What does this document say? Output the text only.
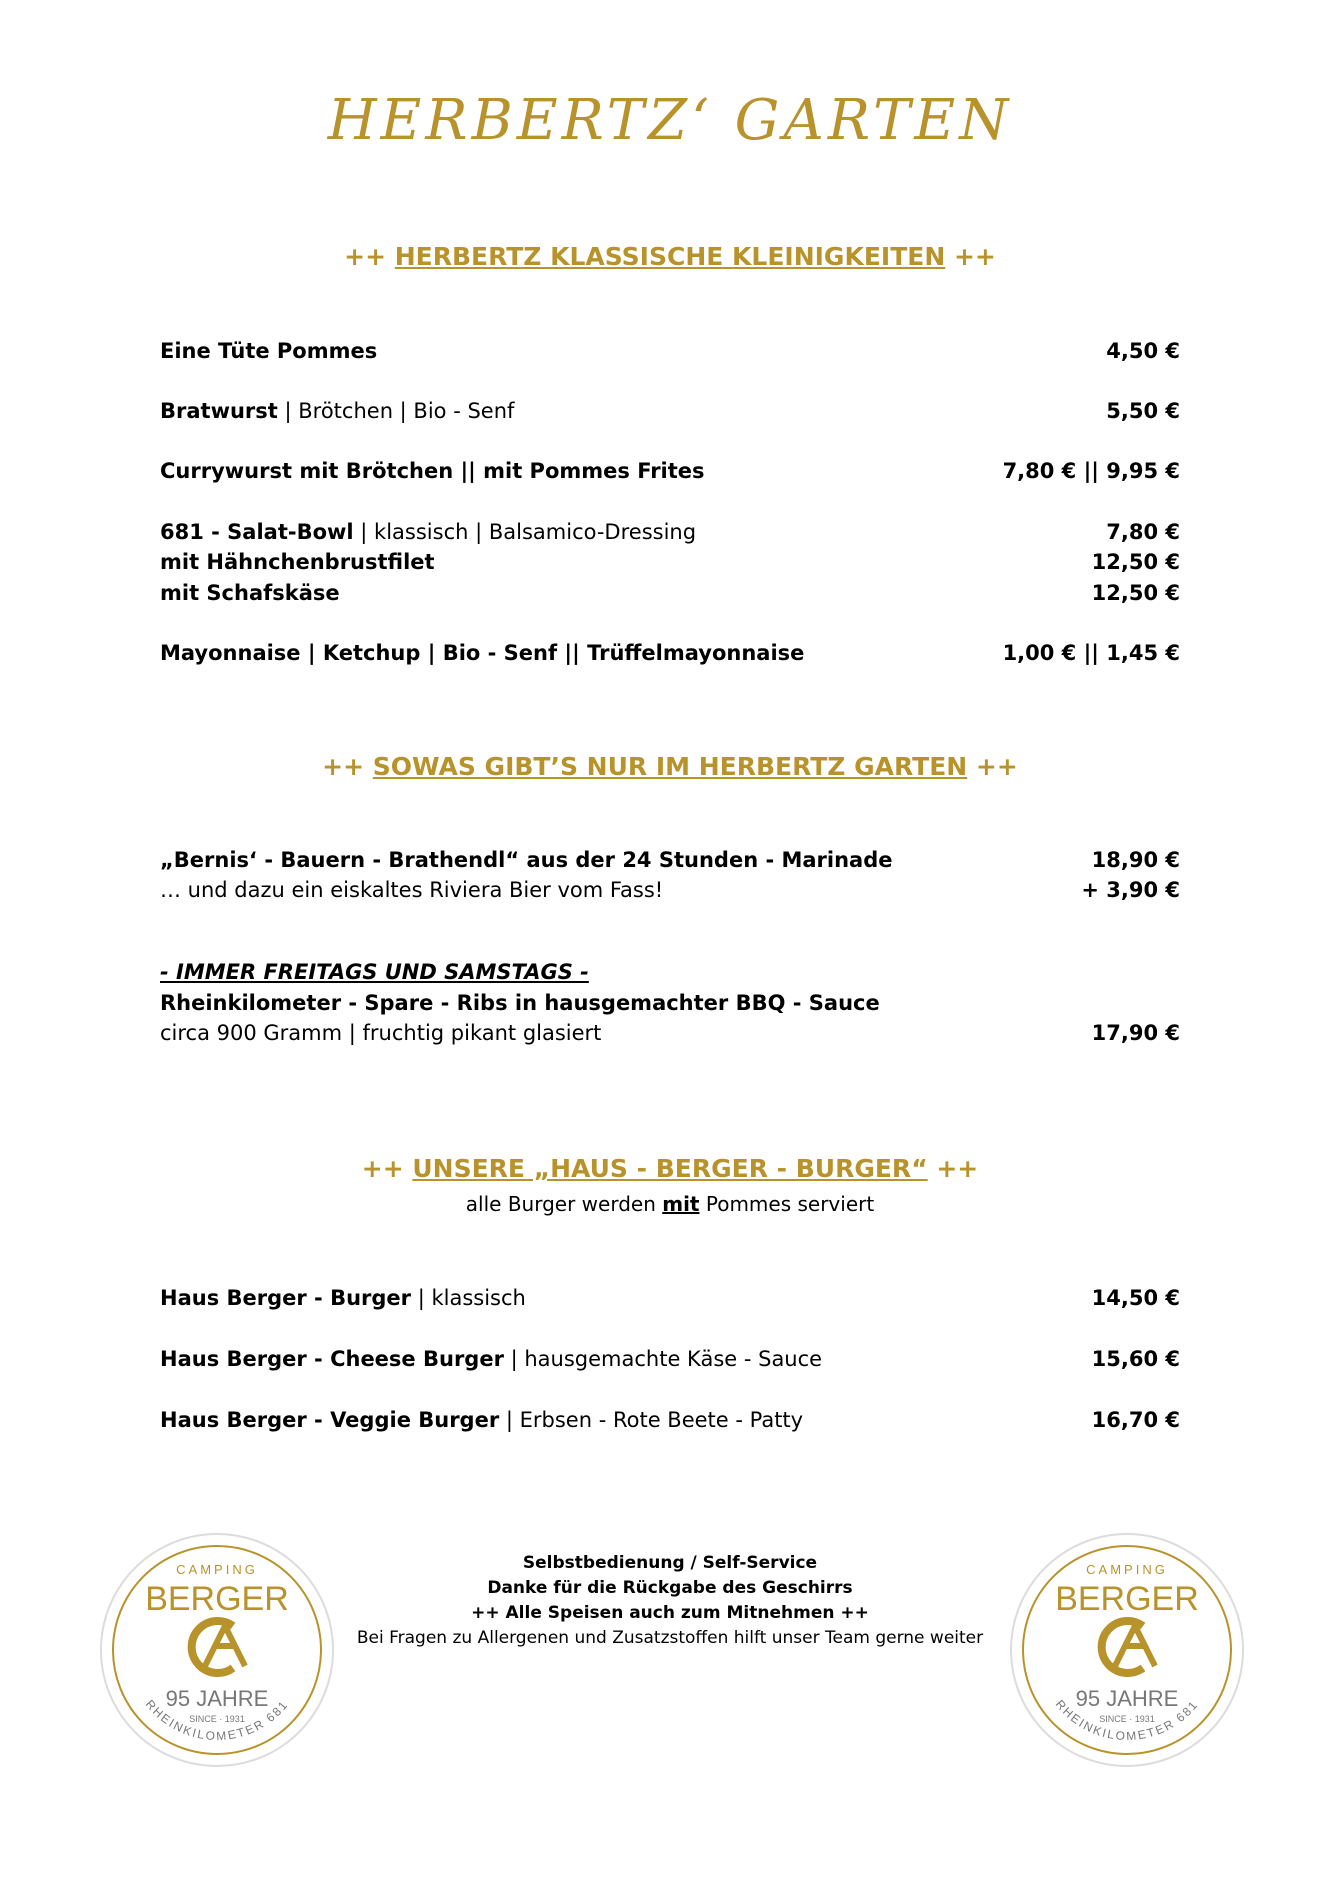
HERBERTZ‘ GARTEN
++ HERBERTZ KLASSISCHE KLEINIGKEITEN ++
Eine Tüte Pommes	4,50 €
Bratwurst | Brötchen | Bio - Senf	5,50 €
Currywurst mit Brötchen || mit Pommes Frites	7,80 € || 9,95 €
681 - Salat-Bowl | klassisch | Balsamico-Dressing	7,80 €
mit Hähnchenbrustfilet	12,50 €
mit Schafskäse	12,50 €
Mayonnaise | Ketchup | Bio - Senf || Trüffelmayonnaise	1,00 € || 1,45 €
++ SOWAS GIBT’S NUR IM HERBERTZ GARTEN ++
„Bernis‘ - Bauern - Brathendl“ aus der 24 Stunden - Marinade	18,90 €
… und dazu ein eiskaltes Riviera Bier vom Fass!	+ 3,90 €
- IMMER FREITAGS UND SAMSTAGS -
Rheinkilometer - Spare - Ribs in hausgemachter BBQ - Sauce
circa 900 Gramm | fruchtig pikant glasiert	17,90 €
++ UNSERE „HAUS - BERGER - BURGER“ ++
alle Burger werden mit Pommes serviert
Haus Berger - Burger | klassisch	14,50 €
Haus Berger - Cheese Burger | hausgemachte Käse - Sauce	15,60 €
Haus Berger - Veggie Burger | Erbsen - Rote Beete - Patty	16,70 €
Selbstbedienung / Self-Service
Danke für die Rückgabe des Geschirrs
++ Alle Speisen auch zum Mitnehmen ++
Bei Fragen zu Allergenen und Zusatzstoffen hilft unser Team gerne weiter
CAMPING
BERGER
95 JAHRE
SINCE · 1931
RHEINKILOMETER 681
CAMPING
BERGER
95 JAHRE
SINCE · 1931
RHEINKILOMETER 681
